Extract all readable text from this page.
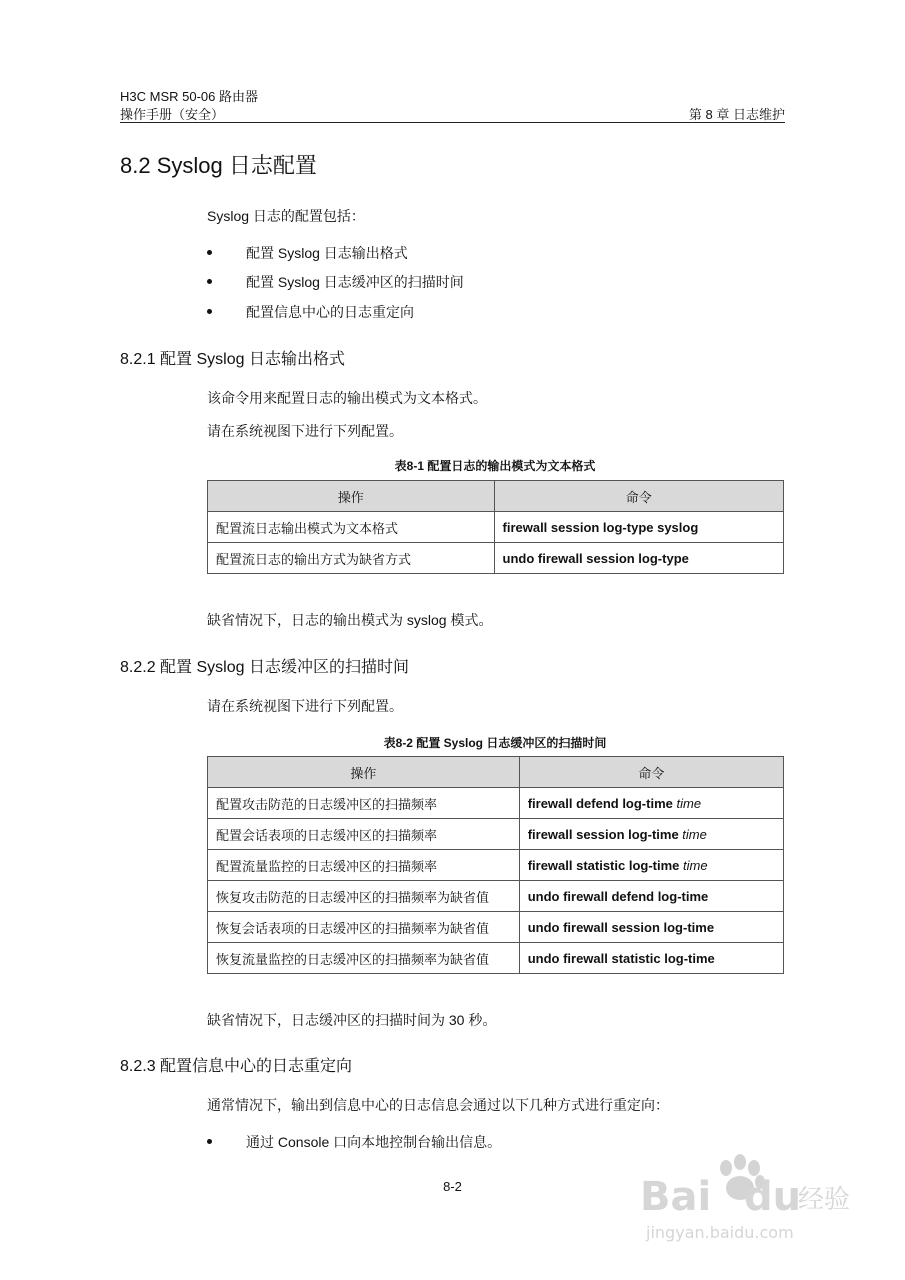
H3C MSR 50-06 路由器
操作手册（安全）	第 8 章 日志维护
8.2 Syslog 日志配置
Syslog 日志的配置包括：
配置 Syslog 日志输出格式
配置 Syslog 日志缓冲区的扫描时间
配置信息中心的日志重定向
8.2.1 配置 Syslog 日志输出格式
该命令用来配置日志的输出模式为文本格式。
请在系统视图下进行下列配置。
表8-1 配置日志的输出模式为文本格式
操作	命令
配置流日志输出模式为文本格式	firewall session log-type syslog
配置流日志的输出方式为缺省方式	undo firewall session log-type
缺省情况下，日志的输出模式为 syslog 模式。
8.2.2 配置 Syslog 日志缓冲区的扫描时间
请在系统视图下进行下列配置。
表8-2 配置 Syslog 日志缓冲区的扫描时间
操作	命令
配置攻击防范的日志缓冲区的扫描频率	firewall defend log-time time
配置会话表项的日志缓冲区的扫描频率	firewall session log-time time
配置流量监控的日志缓冲区的扫描频率	firewall statistic log-time time
恢复攻击防范的日志缓冲区的扫描频率为缺省值	undo firewall defend log-time
恢复会话表项的日志缓冲区的扫描频率为缺省值	undo firewall session log-time
恢复流量监控的日志缓冲区的扫描频率为缺省值	undo firewall statistic log-time
缺省情况下，日志缓冲区的扫描时间为 30 秒。
8.2.3 配置信息中心的日志重定向
通常情况下，输出到信息中心的日志信息会通过以下几种方式进行重定向：
通过 Console 口向本地控制台输出信息。
8-2	Bai du
经验
jingyan.baidu.com
